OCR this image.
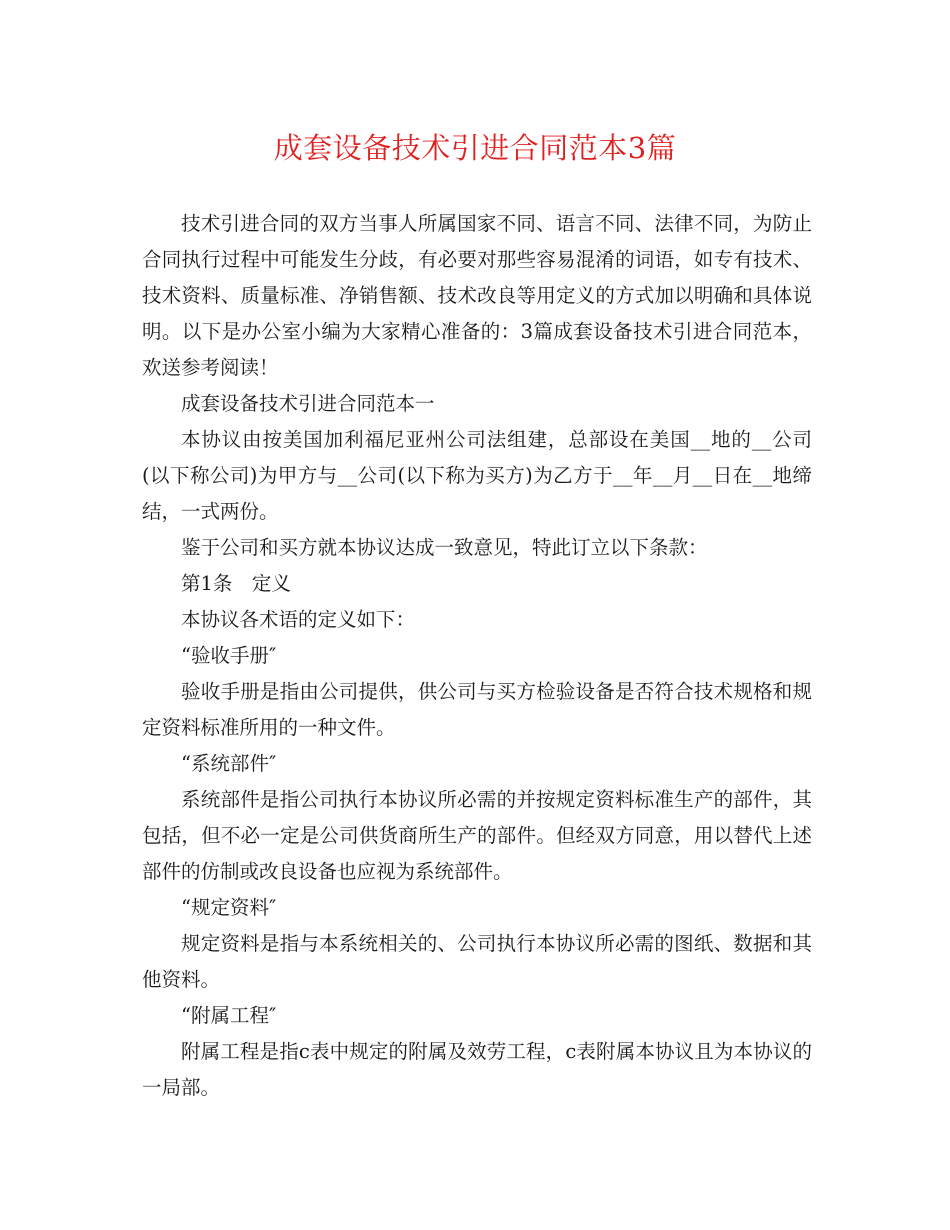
成套设备技术引进合同范本3篇

技术引进合同的双方当事人所属国家不同、语言不同、法律不同，为防止合同执行过程中可能发生分歧，有必要对那些容易混淆的词语，如专有技术、技术资料、质量标准、净销售额、技术改良等用定义的方式加以明确和具体说明。以下是办公室小编为大家精心准备的：3篇成套设备技术引进合同范本，欢送参考阅读！

成套设备技术引进合同范本一

本协议由按美国加利福尼亚州公司法组建，总部设在美国__地的__公司(以下称公司)为甲方与__公司(以下称为买方)为乙方于__年__月__日在__地缔结，一式两份。

鉴于公司和买方就本协议达成一致意见，特此订立以下条款：

第1条　定义

本协议各术语的定义如下：

“验收手册″

验收手册是指由公司提供，供公司与买方检验设备是否符合技术规格和规定资料标准所用的一种文件。

“系统部件″

系统部件是指公司执行本协议所必需的并按规定资料标准生产的部件，其包括，但不必一定是公司供货商所生产的部件。但经双方同意，用以替代上述部件的仿制或改良设备也应视为系统部件。

“规定资料″

规定资料是指与本系统相关的、公司执行本协议所必需的图纸、数据和其他资料。

“附属工程″

附属工程是指c表中规定的附属及效劳工程，c表附属本协议且为本协议的一局部。
